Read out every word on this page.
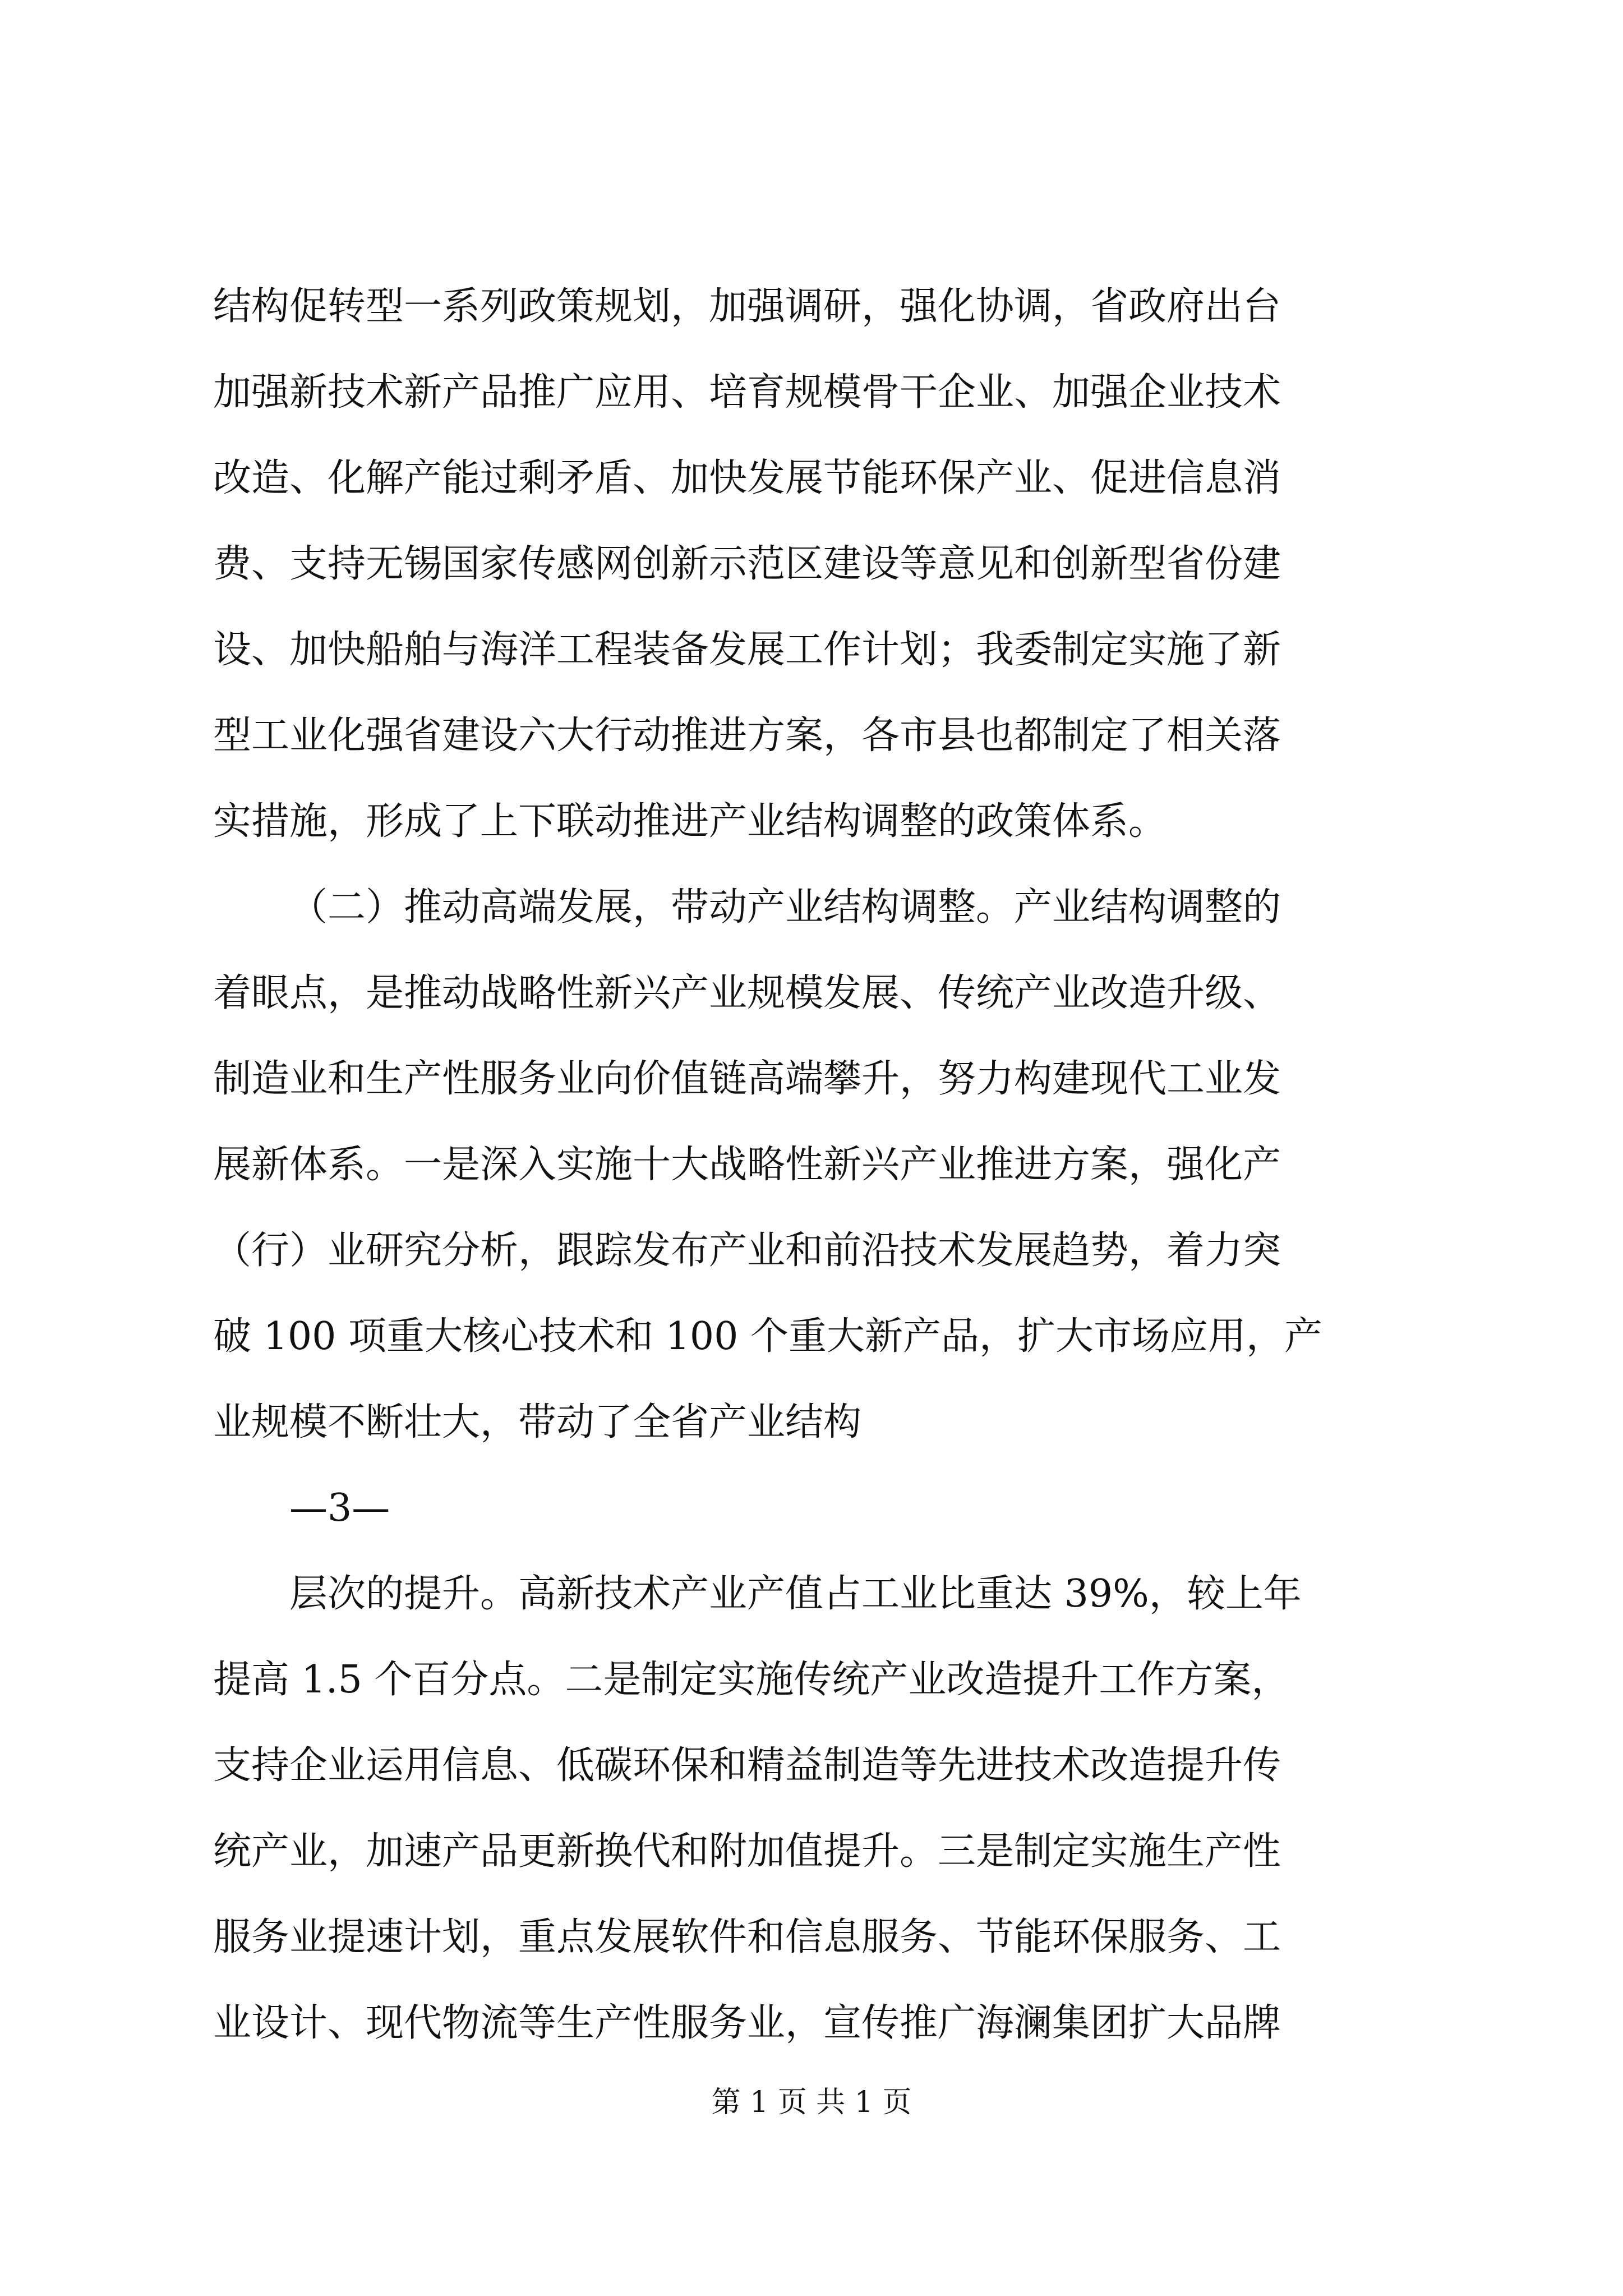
结构促转型一系列政策规划，加强调研，强化协调，省政府出台
加强新技术新产品推广应用、培育规模骨干企业、加强企业技术
改造、化解产能过剩矛盾、加快发展节能环保产业、促进信息消
费、支持无锡国家传感网创新示范区建设等意见和创新型省份建
设、加快船舶与海洋工程装备发展工作计划；我委制定实施了新
型工业化强省建设六大行动推进方案，各市县也都制定了相关落
实措施，形成了上下联动推进产业结构调整的政策体系。
（二）推动高端发展，带动产业结构调整。产业结构调整的
着眼点，是推动战略性新兴产业规模发展、传统产业改造升级、
制造业和生产性服务业向价值链高端攀升，努力构建现代工业发
展新体系。一是深入实施十大战略性新兴产业推进方案，强化产
（行）业研究分析，跟踪发布产业和前沿技术发展趋势，着力突
破 100 项重大核心技术和 100 个重大新产品，扩大市场应用，产
业规模不断壮大，带动了全省产业结构
—3—
层次的提升。高新技术产业产值占工业比重达 39%，较上年
提高 1.5 个百分点。二是制定实施传统产业改造提升工作方案，
支持企业运用信息、低碳环保和精益制造等先进技术改造提升传
统产业，加速产品更新换代和附加值提升。三是制定实施生产性
服务业提速计划，重点发展软件和信息服务、节能环保服务、工
业设计、现代物流等生产性服务业，宣传推广海澜集团扩大品牌
第 1 页 共 1 页
